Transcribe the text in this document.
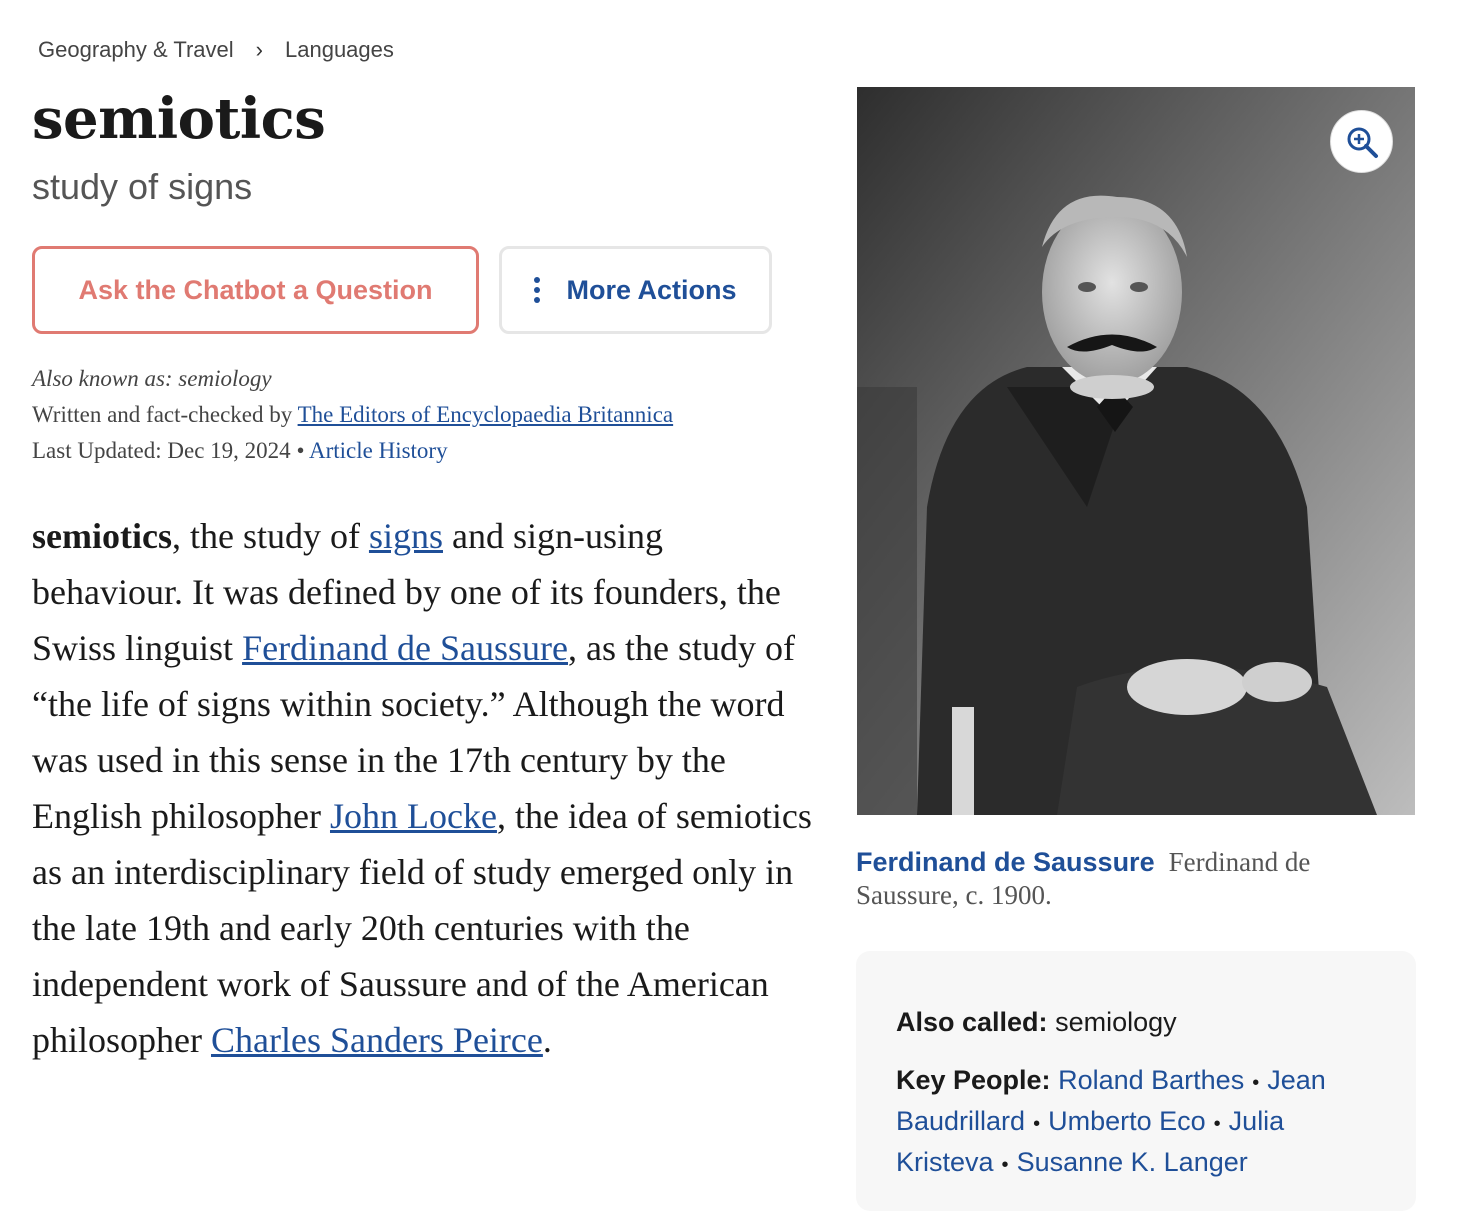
Geography & Travel › Languages
semiotics
study of signs
Ask the Chatbot a Question	More Actions
Also known as: semiology
Written and fact-checked by The Editors of Encyclopaedia Britannica
Last Updated: Dec 19, 2024 • Article History

semiotics, the study of signs and sign-using behaviour. It was defined by one of its founders, the Swiss linguist Ferdinand de Saussure, as the study of “the life of signs within society.” Although the word was used in this sense in the 17th century by the English philosopher John Locke, the idea of semiotics as an interdisciplinary field of study emerged only in the late 19th and early 20th centuries with the independent work of Saussure and of the American philosopher Charles Sanders Peirce.

Ferdinand de Saussure Ferdinand de Saussure, c. 1900.
Also called: semiology
Key People: Roland Barthes • Jean Baudrillard • Umberto Eco • Julia Kristeva • Susanne K. Langer
